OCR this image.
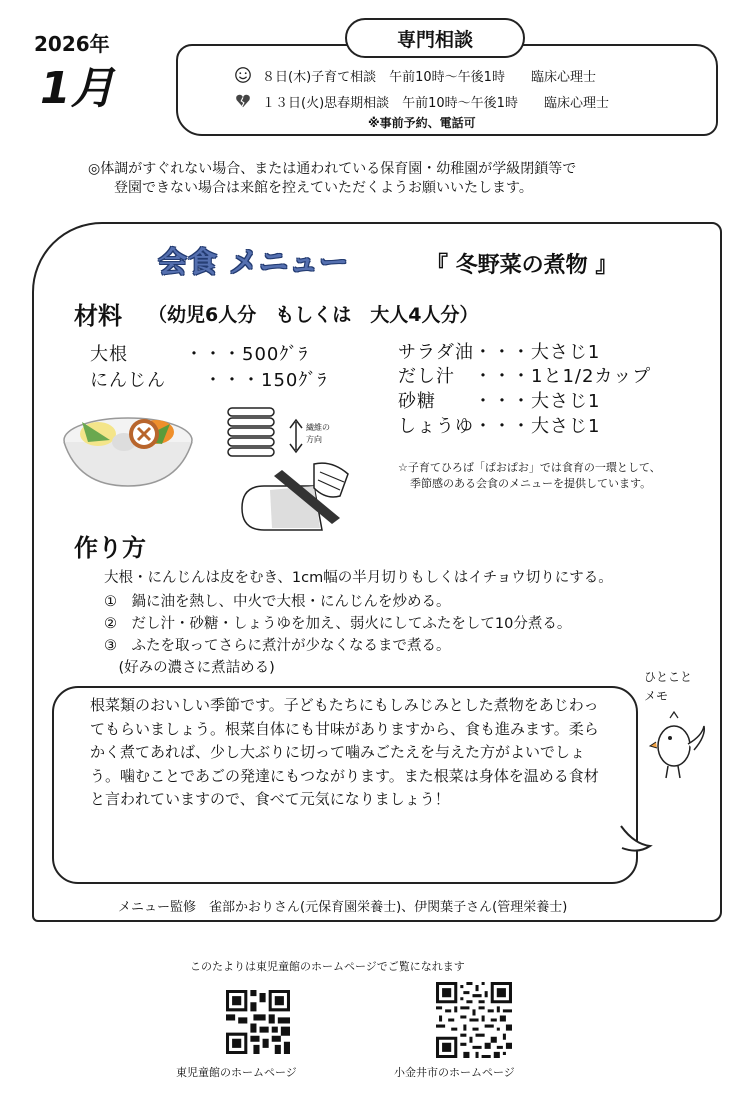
2026年
1月
専門相談
８日(木)子育て相談　午前10時〜午後1時　　臨床心理士
１３日(火)思春期相談　午前10時〜午後1時　　臨床心理士
※事前予約、電話可
◎体調がすぐれない場合、または通われている保育園・幼稚園が学級閉鎖等で
登園できない場合は来館を控えていただくようお願いいたします。
会食 メニュー	『 冬野菜の煮物 』
材料 （幼児6人分　もしくは　大人4人分）
大根　　　・・・500ｸﾞﾗ
にんじん　　・・・150ｸﾞﾗ
サラダ油・・・大さじ1
だし汁　・・・1と1/2カップ
砂糖　　・・・大さじ1
しょうゆ・・・大さじ1
繊維の
方向
☆子育てひろば「ぱおぱお」では食育の一環として、
季節感のある会食のメニューを提供しています。
作り方
大根・にんじんは皮をむき、1cm幅の半月切りもしくはイチョウ切りにする。
①　鍋に油を熱し、中火で大根・にんじんを炒める。
②　だし汁・砂糖・しょうゆを加え、弱火にしてふたをして10分煮る。
③　ふたを取ってさらに煮汁が少なくなるまで煮る。
　(好みの濃さに煮詰める)
ひとこと
メモ
根菜類のおいしい季節です。子どもたちにもしみじみとした煮物をあじわってもらいましょう。根菜自体にも甘味がありますから、食も進みます。柔らかく煮てあれば、少し大ぶりに切って噛みごたえを与えた方がよいでしょう。噛むことであごの発達にもつながります。また根菜は身体を温める食材と言われていますので、食べて元気になりましょう！
メニュー監修　雀部かおりさん(元保育園栄養士)、伊関葉子さん(管理栄養士)
このたよりは東児童館のホームページでご覧になれます
東児童館のホームページ	小金井市のホームページ
